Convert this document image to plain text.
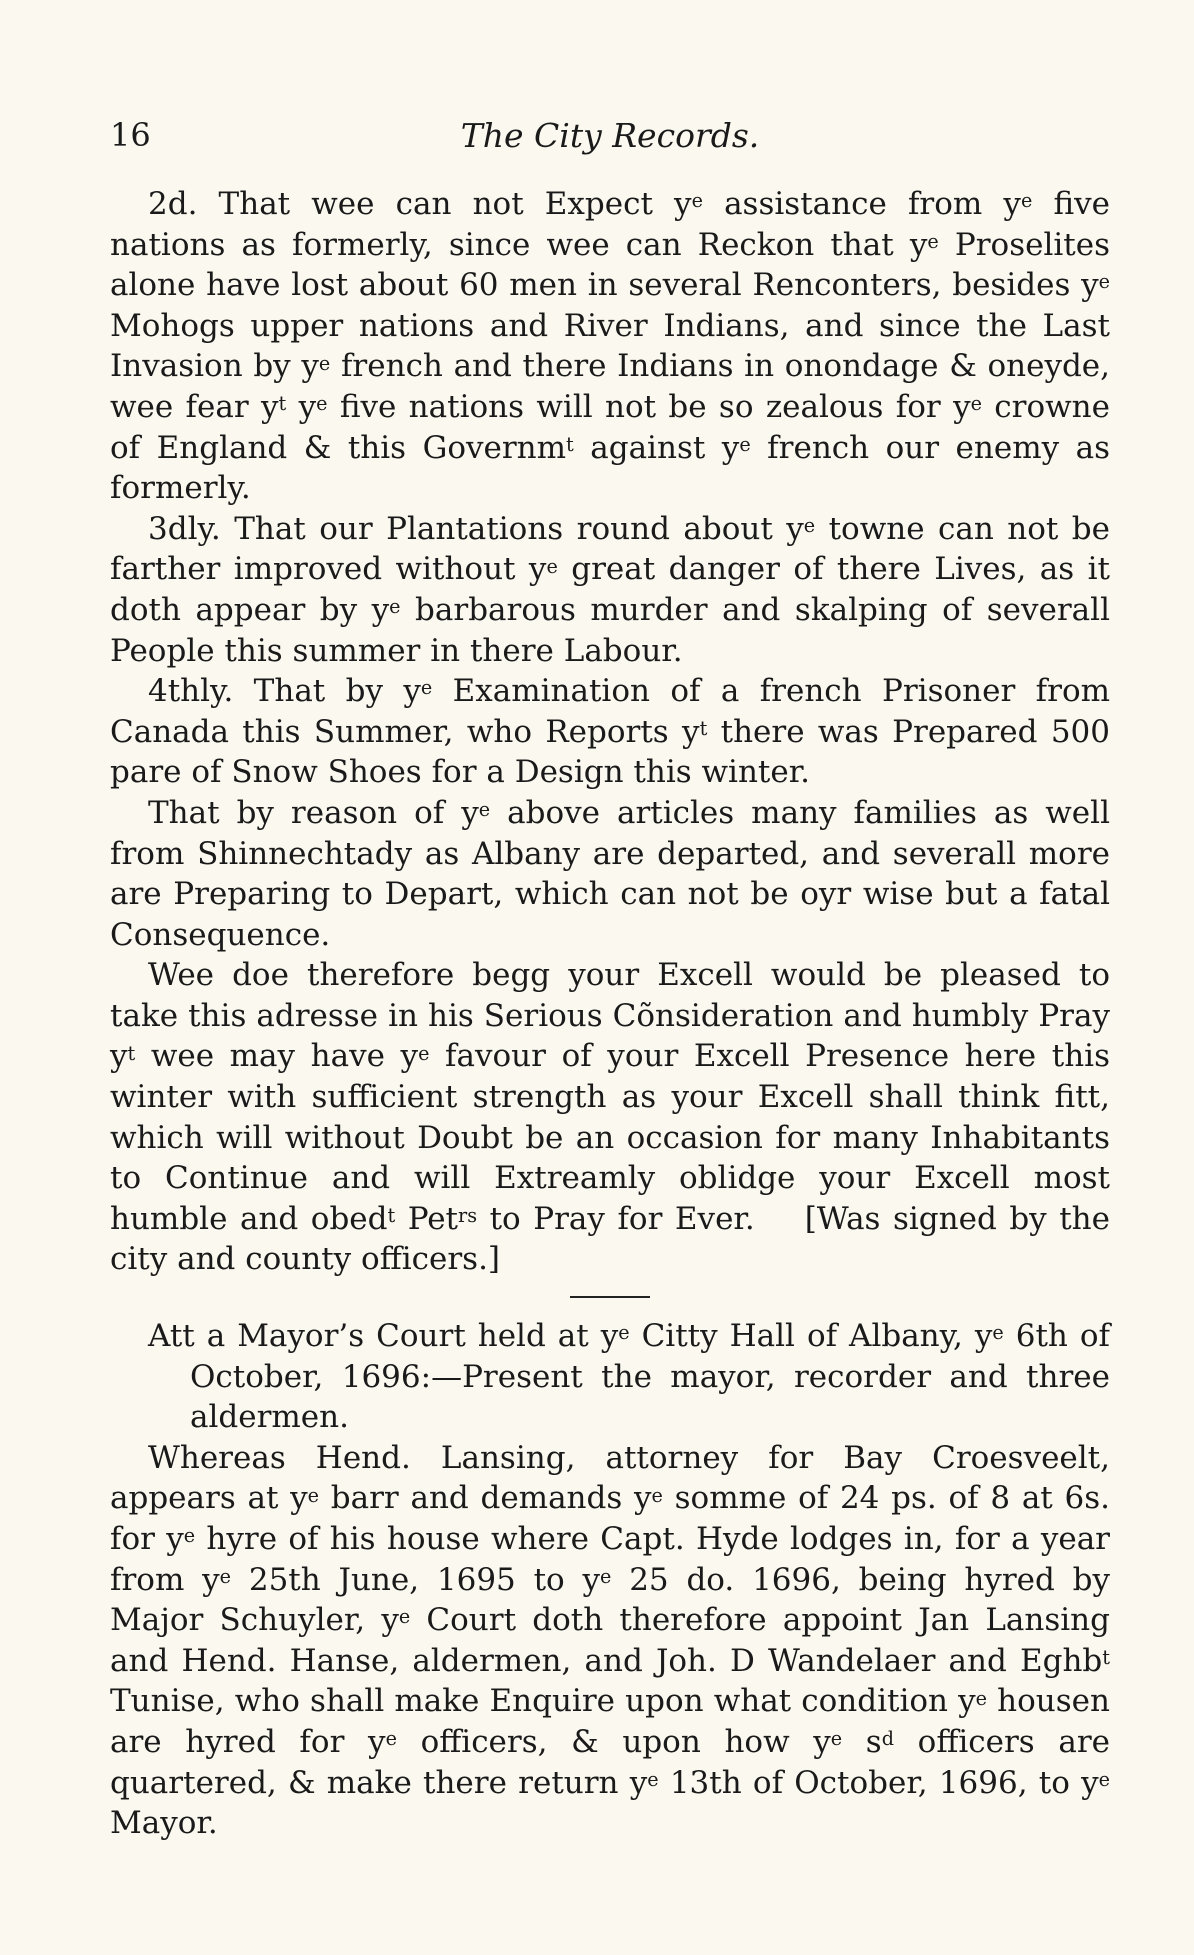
16	The City Records.

2d. That wee can not Expect $y^e$ assistance from $y^e$ five nations as formerly, since wee can Reckon that $y^e$ Proselites alone have lost about 60 men in several Renconters, besides $y^e$ Mohogs upper nations and River Indians, and since the Last Invasion by $y^e$ french and there Indians in onondage & oneyde, wee fear $y^t$ $y^e$ five nations will not be so zealous for $y^e$ crowne of England & this Governm$^t$ against $y^e$ french our enemy as formerly.

3dly. That our Plantations round about $y^e$ towne can not be farther improved without $y^e$ great danger of there Lives, as it doth appear by $y^e$ barbarous murder and skalping of severall People this summer in there Labour.

4thly. That by $y^e$ Examination of a french Prisoner from Canada this Summer, who Reports $y^t$ there was Prepared 500 pare of Snow Shoes for a Design this winter.

That by reason of $y^e$ above articles many families as well from Shinnechtady as Albany are departed, and severall more are Preparing to Depart, which can not be oyr wise but a fatal Consequence.

Wee doe therefore begg your Excell would be pleased to take this adresse in his Serious Cõnsideration and humbly Pray $y^t$ wee may have $y^e$ favour of your Excell Presence here this winter with sufficient strength as your Excell shall think fitt, which will without Doubt be an occasion for many Inhabitants to Continue and will Extreamly oblidge your Excell most humble and obed$^t$ Pet$^{rs}$ to Pray for Ever.    [Was signed by the city and county officers.]

Att a Mayor’s Court held at $y^e$ Citty Hall of Albany, $y^e$ 6th of October, 1696:—Present the mayor, recorder and three aldermen.

Whereas Hend. Lansing, attorney for Bay Croesveelt, appears at $y^e$ barr and demands $y^e$ somme of 24 ps. of 8 at 6s. for $y^e$ hyre of his house where Capt. Hyde lodges in, for a year from $y^e$ 25th June, 1695 to $y^e$ 25 do. 1696, being hyred by Major Schuyler, $y^e$ Court doth therefore appoint Jan Lansing and Hend. Hanse, aldermen, and Joh. D Wandelaer and Eghb$^t$ Tunise, who shall make Enquire upon what condition $y^e$ housen are hyred for $y^e$ officers, & upon how $y^e$ $s^d$ officers are quartered, & make there return $y^e$ 13th of October, 1696, to $y^e$ Mayor.
